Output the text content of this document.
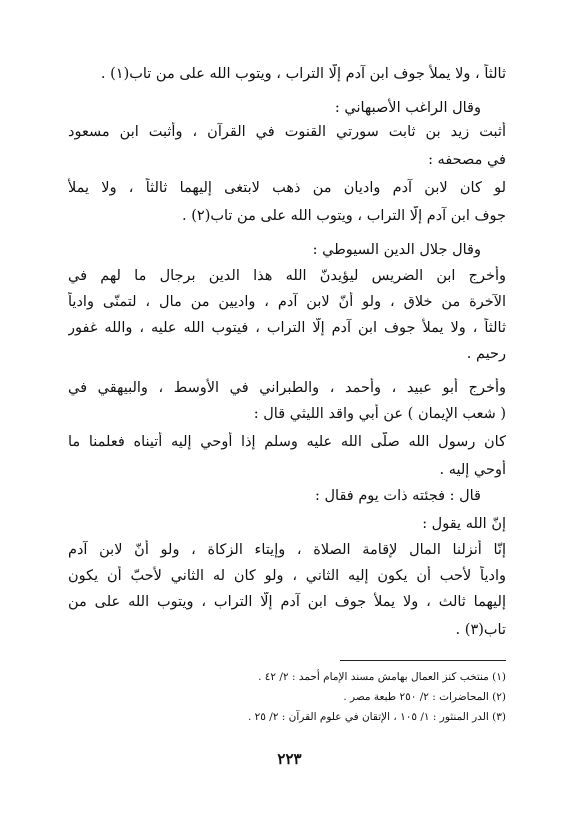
ثالثاً ، ولا يملأ جوف ابن آدم إلّا التراب ، ويتوب الله على من تاب(١) .
وقال الراغب الأصبهاني :
أثبت زيد بن ثابت سورتي القنوت في القرآن ، وأثبت ابن مسعود
في مصحفه :
لو كان لابن آدم واديان من ذهب لابتغى إليهما ثالثاً ، ولا يملأ
جوف ابن آدم إلّا التراب ، ويتوب الله على من تاب(٢) .
وقال جلال الدين السيوطي :
وأخرج ابن الضريس ليؤيدنّ الله هذا الدين برجال ما لهم في
الآخرة من خلاق ، ولو أنّ لابن آدم ، واديين من مال ، لتمنّى وادياً
ثالثاً ، ولا يملأ جوف ابن آدم إلّا التراب ، فيتوب الله عليه ، والله غفور
رحيم .
وأخرج أبو عبيد ، وأحمد ، والطبراني في الأوسط ، والبيهقي في
( شعب الإيمان ) عن أبي واقد الليثي قال :
كان رسول الله صلّى الله عليه وسلم إذا أوحي إليه أتيناه فعلمنا ما
أوحي إليه .
قال : فجئته ذات يوم فقال :
إنّ الله يقول :
إنّا أنزلنا المال لإقامة الصلاة ، وإيتاء الزكاة ، ولو أنّ لابن آدم
وادياً لأحب أن يكون إليه الثاني ، ولو كان له الثاني لأحبّ أن يكون
إليهما ثالث ، ولا يملأ جوف ابن آدم إلّا التراب ، ويتوب الله على من
تاب(٣) .
(١) منتخب كنز العمال بهامش مسند الإمام أحمد : ٢/ ٤٢ .
(٢) المحاضرات : ٢/ ٢٥٠ طبعة مصر .
(٣) الدر المنثور : ١/ ١٠٥ ، الإتقان في علوم القرآن : ٢/ ٢٥ .
٢٢٣
